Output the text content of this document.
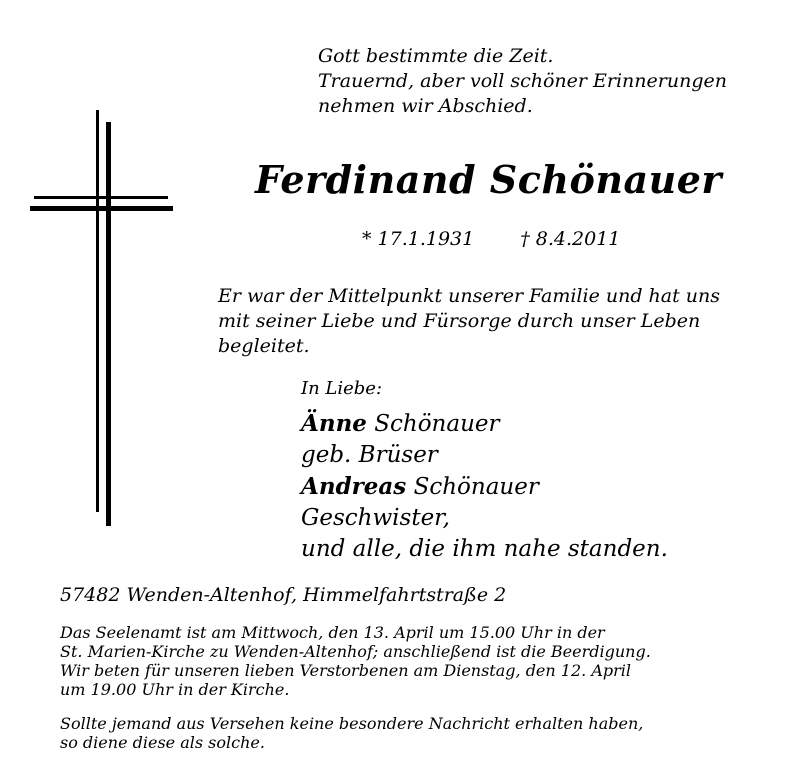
Gott bestimmte die Zeit.
Trauernd, aber voll schöner Erinnerungen
nehmen wir Abschied.
Ferdinand Schönauer
* 17.1.1931 † 8.4.2011
Er war der Mittelpunkt unserer Familie und hat uns
mit seiner Liebe und Fürsorge durch unser Leben
begleitet.
In Liebe:
Änne Schönauer
geb. Brüser
Andreas Schönauer
Geschwister,
und alle, die ihm nahe standen.
57482 Wenden-Altenhof, Himmelfahrtstraße 2
Das Seelenamt ist am Mittwoch, den 13. April um 15.00 Uhr in der
St. Marien-Kirche zu Wenden-Altenhof; anschließend ist die Beerdigung.
Wir beten für unseren lieben Verstorbenen am Dienstag, den 12. April
um 19.00 Uhr in der Kirche.
Sollte jemand aus Versehen keine besondere Nachricht erhalten haben,
so diene diese als solche.
